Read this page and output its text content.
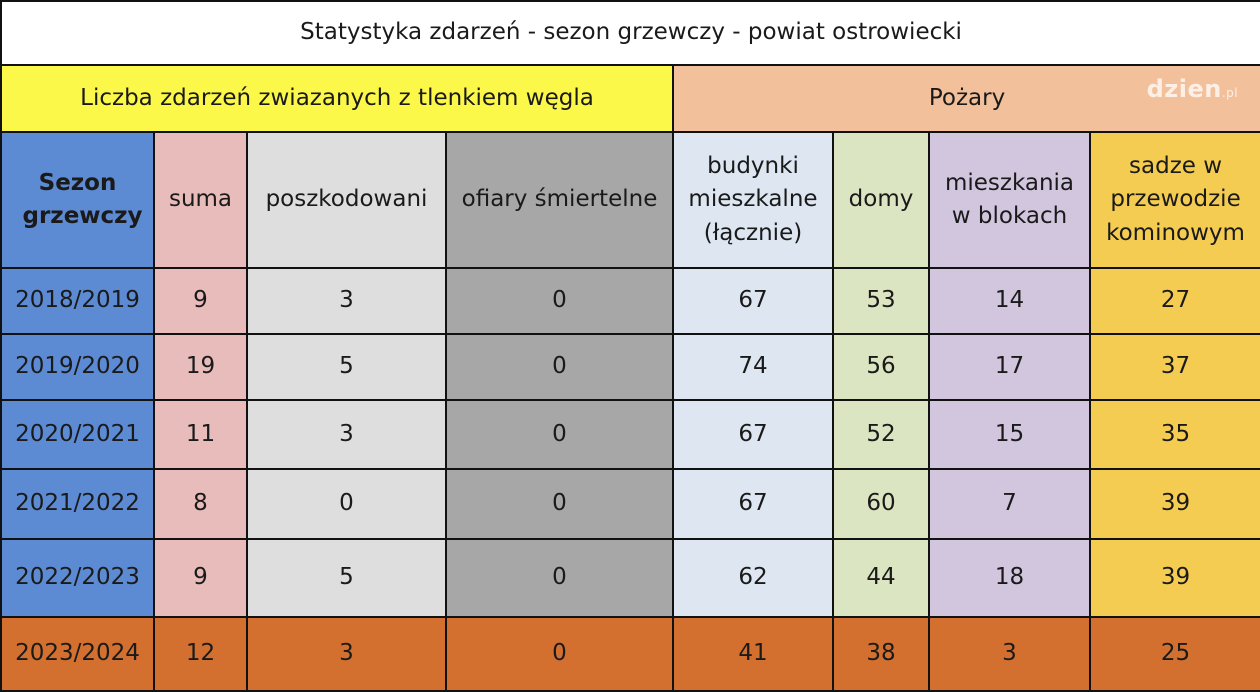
Statystyka zdarzeń - sezon grzewczy - powiat ostrowiecki							
Liczba zdarzeń zwiazanych z tlenkiem węgla				Pożary dzien.pl			

Sezon grzewczy	suma	poszkodowani	ofiary śmiertelne	budynki mieszkalne (łącznie)	domy	mieszkania w blokach	sadze w przewodzie kominowym
2018/2019	9	3	0	67	53	14	27
2019/2020	19	5	0	74	56	17	37
2020/2021	11	3	0	67	52	15	35
2021/2022	8	0	0	67	60	7	39
2022/2023	9	5	0	62	44	18	39
2023/2024	12	3	0	41	38	3	25
